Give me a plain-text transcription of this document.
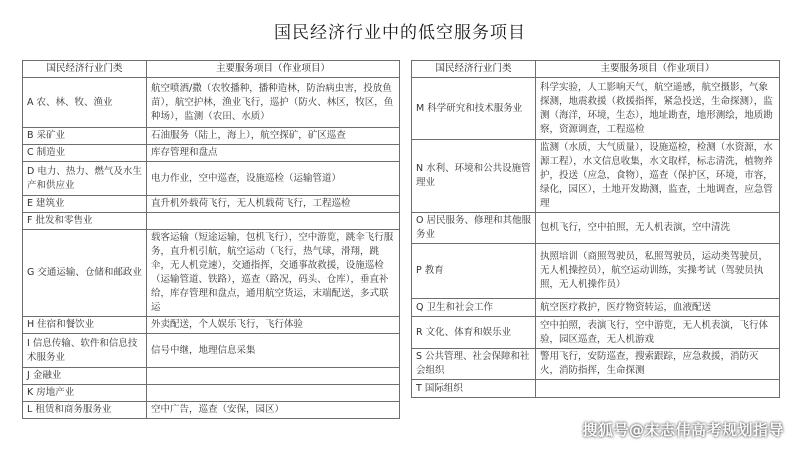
国民经济行业中的低空服务项目
国民经济行业门类	主要服务项目（作业项目）
A 农、林、牧、渔业	航空喷洒/撒（农牧播种，播种造林，防治病虫害，投放鱼苗），航空护林，渔业飞行，巡护（防火、林区，牧区，鱼种场），监测（农田、水质）
B 采矿业	石油服务（陆上，海上），航空探矿，矿区巡查
C 制造业	库存管理和盘点
D 电力、热力、燃气及水生产和供应业	电力作业，空中巡查，设施巡检（运输管道）
E 建筑业	直升机外载荷飞行，无人机载荷飞行，工程巡检
F 批发和零售业	
G 交通运输、仓储和邮政业	载客运输（短途运输，包机飞行），空中游览，跳伞飞行服务，直升机引航，航空运动（飞行，热气球，滑翔，跳伞，无人机竞速），交通指挥，交通事故救援，设施巡检（运输管道、铁路），巡查（路况，码头、仓库），垂直补给，库存管理和盘点，通用航空货运，末端配送，多式联运
H 住宿和餐饮业	外卖配送，个人娱乐飞行，飞行体验
I 信息传输、软件和信息技术服务业	信号中继，地理信息采集
J 金融业	
K 房地产业	
L 租赁和商务服务业	空中广告，巡查（安保，园区）
国民经济行业门类	主要服务项目（作业项目）
M 科学研究和技术服务业	科学实验，人工影响天气，航空遥感，航空摄影，气象探测，地震救援（救援指挥，紧急投送，生命探测），监测（海洋，环境，生态），地址勘查，地形测绘，地质勘察，资源调查，工程巡检
N 水利、环境和公共设施管理业	监测（水质，大气质量），设施巡检，检测（水资源，水源工程），水文信息收集，水文取样，标志清洗，植物养护，投送（应急，食物），巡查（保护区，环境，市容，绿化，园区），土地开发勘测，监查，土地调查，应急管理
O 居民服务、修理和其他服务业	包机飞行，空中拍照，无人机表演，空中清洗
P 教育	执照培训（商照驾驶员，私照驾驶员，运动类驾驶员，无人机操控员），航空运动训练，实操考试（驾驶员执照，无人机操作员）
Q 卫生和社会工作	航空医疗救护，医疗物资转运，血液配送
R 文化、体育和娱乐业	空中拍照，表演飞行，空中游览，无人机表演，飞行体验，园区巡查，无人机游戏
S 公共管理、社会保障和社会组织	警用飞行，安防巡查，搜索跟踪，应急救援，消防灭火，消防指挥，生命探测
T 国际组织	
搜狐号@宋志伟高考规划指导
